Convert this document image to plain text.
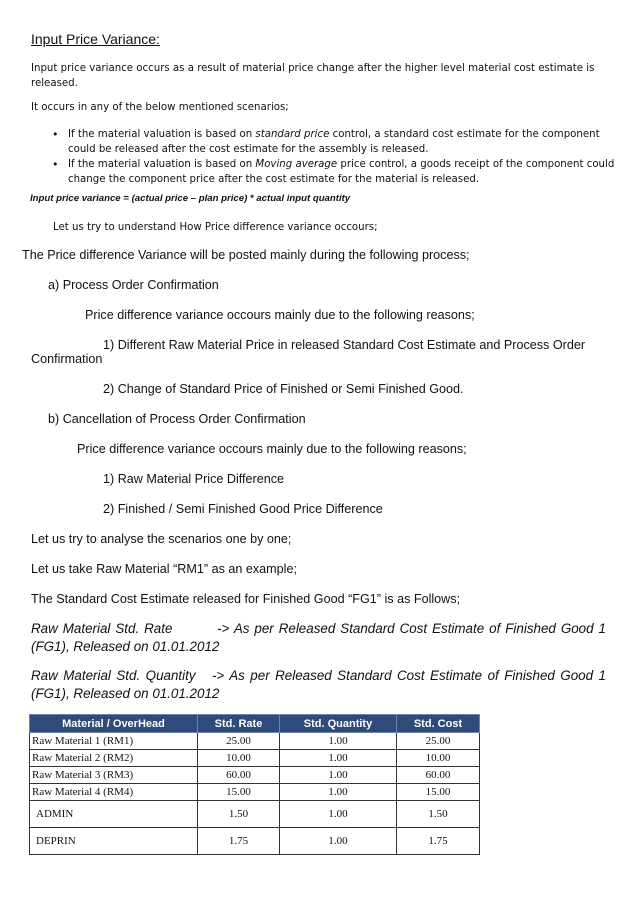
Input Price Variance:
Input price variance occurs as a result of material price change after the higher level material cost estimate is released.
It occurs in any of the below mentioned scenarios;
• If the material valuation is based on standard price control, a standard cost estimate for the component could be released after the cost estimate for the assembly is released.
• If the material valuation is based on Moving average price control, a goods receipt of the component could change the component price after the cost estimate for the material is released.
Input price variance = (actual price – plan price) * actual input quantity
Let us try to understand How Price difference variance occours;
The Price difference Variance will be posted mainly during the following process;
a) Process Order Confirmation
Price difference variance occours mainly due to the following reasons;
1) Different Raw Material Price in released Standard Cost Estimate and Process Order
Confirmation
2) Change of Standard Price of Finished or Semi Finished Good.
b) Cancellation of Process Order Confirmation
Price difference variance occours mainly due to the following reasons;
1) Raw Material Price Difference
2) Finished / Semi Finished Good Price Difference
Let us try to analyse the scenarios one by one;
Let us take Raw Material “RM1” as an example;
The Standard Cost Estimate released for Finished Good “FG1” is as Follows;
Raw Material Std. Rate         -> As per Released Standard Cost Estimate of Finished Good 1 (FG1), Released on 01.01.2012
Raw Material Std. Quantity   -> As per Released Standard Cost Estimate of Finished Good 1 (FG1), Released on 01.01.2012
Material / OverHead	Std. Rate	Std. Quantity	Std. Cost
Raw Material 1 (RM1)	25.00	1.00	25.00
Raw Material 2 (RM2)	10.00	1.00	10.00
Raw Material 3 (RM3)	60.00	1.00	60.00
Raw Material 4 (RM4)	15.00	1.00	15.00
ADMIN	1.50	1.00	1.50
DEPRIN	1.75	1.00	1.75
